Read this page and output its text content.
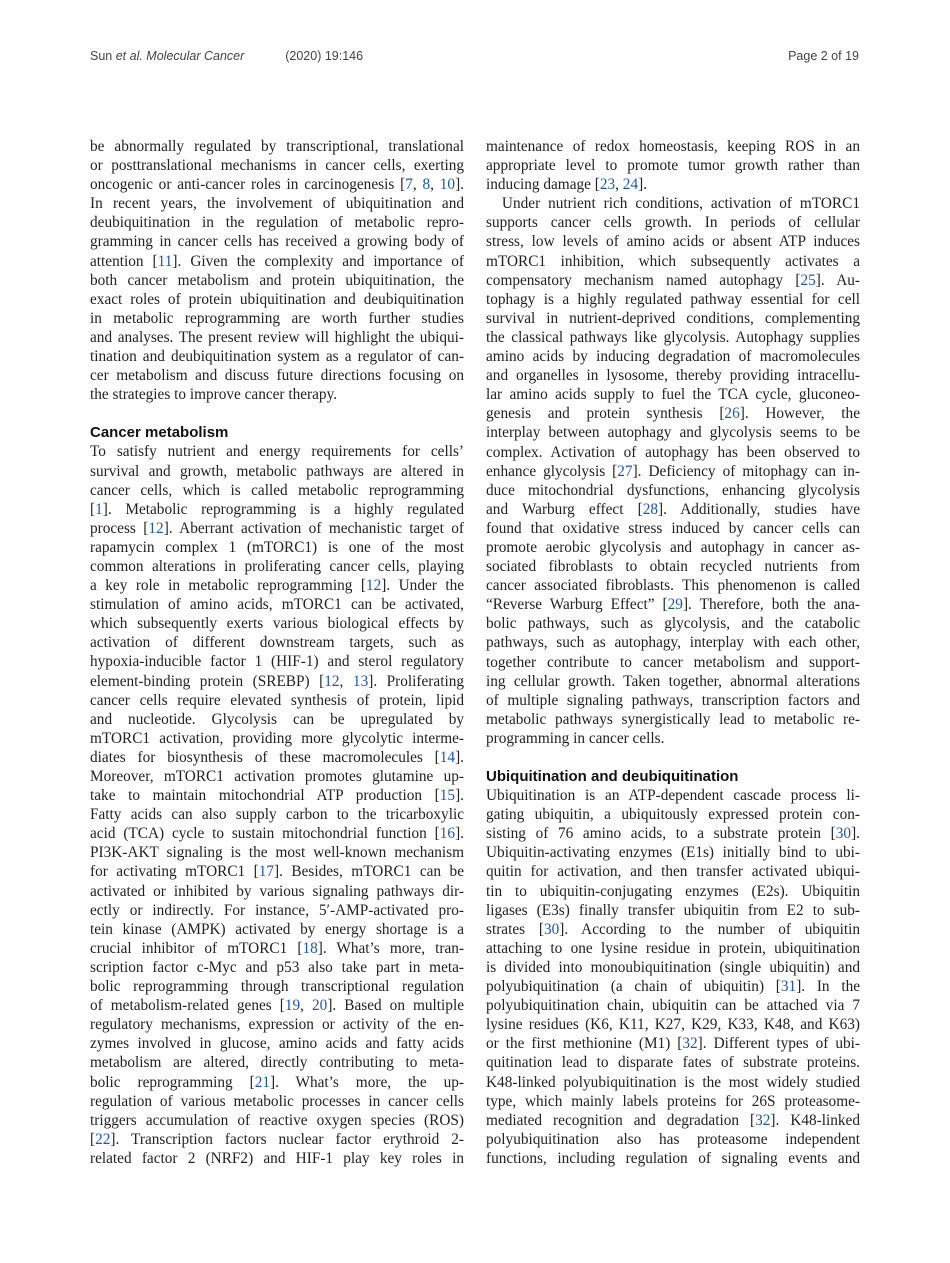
Sun et al. Molecular Cancer	(2020) 19:146	Page 2 of 19
be abnormally regulated by transcriptional, translational
or posttranslational mechanisms in cancer cells, exerting
oncogenic or anti-cancer roles in carcinogenesis [7, 8, 10].
In recent years, the involvement of ubiquitination and
deubiquitination in the regulation of metabolic repro-
gramming in cancer cells has received a growing body of
attention [11]. Given the complexity and importance of
both cancer metabolism and protein ubiquitination, the
exact roles of protein ubiquitination and deubiquitination
in metabolic reprogramming are worth further studies
and analyses. The present review will highlight the ubiqui-
tination and deubiquitination system as a regulator of can-
cer metabolism and discuss future directions focusing on
the strategies to improve cancer therapy.
Cancer metabolism
To satisfy nutrient and energy requirements for cells’
survival and growth, metabolic pathways are altered in
cancer cells, which is called metabolic reprogramming
[1]. Metabolic reprogramming is a highly regulated
process [12]. Aberrant activation of mechanistic target of
rapamycin complex 1 (mTORC1) is one of the most
common alterations in proliferating cancer cells, playing
a key role in metabolic reprogramming [12]. Under the
stimulation of amino acids, mTORC1 can be activated,
which subsequently exerts various biological effects by
activation of different downstream targets, such as
hypoxia-inducible factor 1 (HIF-1) and sterol regulatory
element-binding protein (SREBP) [12, 13]. Proliferating
cancer cells require elevated synthesis of protein, lipid
and nucleotide. Glycolysis can be upregulated by
mTORC1 activation, providing more glycolytic interme-
diates for biosynthesis of these macromolecules [14].
Moreover, mTORC1 activation promotes glutamine up-
take to maintain mitochondrial ATP production [15].
Fatty acids can also supply carbon to the tricarboxylic
acid (TCA) cycle to sustain mitochondrial function [16].
PI3K-AKT signaling is the most well-known mechanism
for activating mTORC1 [17]. Besides, mTORC1 can be
activated or inhibited by various signaling pathways dir-
ectly or indirectly. For instance, 5′-AMP-activated pro-
tein kinase (AMPK) activated by energy shortage is a
crucial inhibitor of mTORC1 [18]. What’s more, tran-
scription factor c-Myc and p53 also take part in meta-
bolic reprogramming through transcriptional regulation
of metabolism-related genes [19, 20]. Based on multiple
regulatory mechanisms, expression or activity of the en-
zymes involved in glucose, amino acids and fatty acids
metabolism are altered, directly contributing to meta-
bolic reprogramming [21]. What’s more, the up-
regulation of various metabolic processes in cancer cells
triggers accumulation of reactive oxygen species (ROS)
[22]. Transcription factors nuclear factor erythroid 2-
related factor 2 (NRF2) and HIF-1 play key roles in
maintenance of redox homeostasis, keeping ROS in an
appropriate level to promote tumor growth rather than
inducing damage [23, 24].
Under nutrient rich conditions, activation of mTORC1
supports cancer cells growth. In periods of cellular
stress, low levels of amino acids or absent ATP induces
mTORC1 inhibition, which subsequently activates a
compensatory mechanism named autophagy [25]. Au-
tophagy is a highly regulated pathway essential for cell
survival in nutrient-deprived conditions, complementing
the classical pathways like glycolysis. Autophagy supplies
amino acids by inducing degradation of macromolecules
and organelles in lysosome, thereby providing intracellu-
lar amino acids supply to fuel the TCA cycle, gluconeo-
genesis and protein synthesis [26]. However, the
interplay between autophagy and glycolysis seems to be
complex. Activation of autophagy has been observed to
enhance glycolysis [27]. Deficiency of mitophagy can in-
duce mitochondrial dysfunctions, enhancing glycolysis
and Warburg effect [28]. Additionally, studies have
found that oxidative stress induced by cancer cells can
promote aerobic glycolysis and autophagy in cancer as-
sociated fibroblasts to obtain recycled nutrients from
cancer associated fibroblasts. This phenomenon is called
“Reverse Warburg Effect” [29]. Therefore, both the ana-
bolic pathways, such as glycolysis, and the catabolic
pathways, such as autophagy, interplay with each other,
together contribute to cancer metabolism and support-
ing cellular growth. Taken together, abnormal alterations
of multiple signaling pathways, transcription factors and
metabolic pathways synergistically lead to metabolic re-
programming in cancer cells.
Ubiquitination and deubiquitination
Ubiquitination is an ATP-dependent cascade process li-
gating ubiquitin, a ubiquitously expressed protein con-
sisting of 76 amino acids, to a substrate protein [30].
Ubiquitin-activating enzymes (E1s) initially bind to ubi-
quitin for activation, and then transfer activated ubiqui-
tin to ubiquitin-conjugating enzymes (E2s). Ubiquitin
ligases (E3s) finally transfer ubiquitin from E2 to sub-
strates [30]. According to the number of ubiquitin
attaching to one lysine residue in protein, ubiquitination
is divided into monoubiquitination (single ubiquitin) and
polyubiquitination (a chain of ubiquitin) [31]. In the
polyubiquitination chain, ubiquitin can be attached via 7
lysine residues (K6, K11, K27, K29, K33, K48, and K63)
or the first methionine (M1) [32]. Different types of ubi-
quitination lead to disparate fates of substrate proteins.
K48-linked polyubiquitination is the most widely studied
type, which mainly labels proteins for 26S proteasome-
mediated recognition and degradation [32]. K48-linked
polyubiquitination also has proteasome independent
functions, including regulation of signaling events and
